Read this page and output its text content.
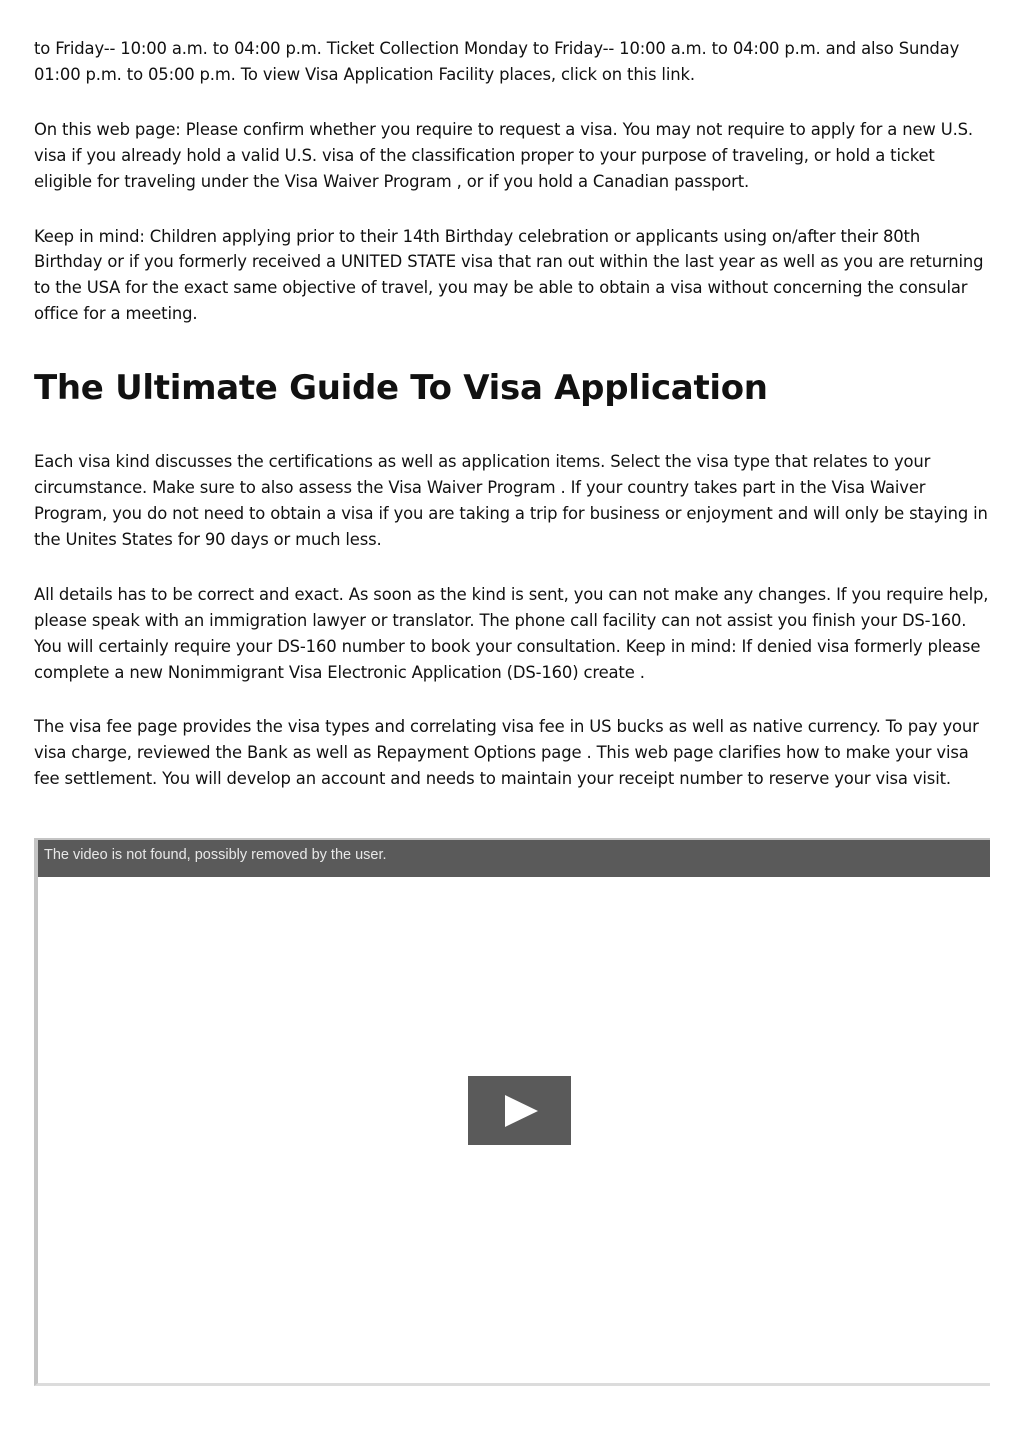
to Friday-- 10:00 a.m. to 04:00 p.m. Ticket Collection Monday to Friday-- 10:00 a.m. to 04:00 p.m. and also Sunday 01:00 p.m. to 05:00 p.m. To view Visa Application Facility places, click on this link.

On this web page: Please confirm whether you require to request a visa. You may not require to apply for a new U.S. visa if you already hold a valid U.S. visa of the classification proper to your purpose of traveling, or hold a ticket eligible for traveling under the Visa Waiver Program , or if you hold a Canadian passport.

Keep in mind: Children applying prior to their 14th Birthday celebration or applicants using on/after their 80th Birthday or if you formerly received a UNITED STATE visa that ran out within the last year as well as you are returning to the USA for the exact same objective of travel, you may be able to obtain a visa without concerning the consular office for a meeting.

The Ultimate Guide To Visa Application

Each visa kind discusses the certifications as well as application items. Select the visa type that relates to your circumstance. Make sure to also assess the Visa Waiver Program . If your country takes part in the Visa Waiver Program, you do not need to obtain a visa if you are taking a trip for business or enjoyment and will only be staying in the Unites States for 90 days or much less.

All details has to be correct and exact. As soon as the kind is sent, you can not make any changes. If you require help, please speak with an immigration lawyer or translator. The phone call facility can not assist you finish your DS-160. You will certainly require your DS-160 number to book your consultation. Keep in mind: If denied visa formerly please complete a new Nonimmigrant Visa Electronic Application (DS-160) create .

The visa fee page provides the visa types and correlating visa fee in US bucks as well as native currency. To pay your visa charge, reviewed the Bank as well as Repayment Options page . This web page clarifies how to make your visa fee settlement. You will develop an account and needs to maintain your receipt number to reserve your visa visit.

The video is not found, possibly removed by the user.
